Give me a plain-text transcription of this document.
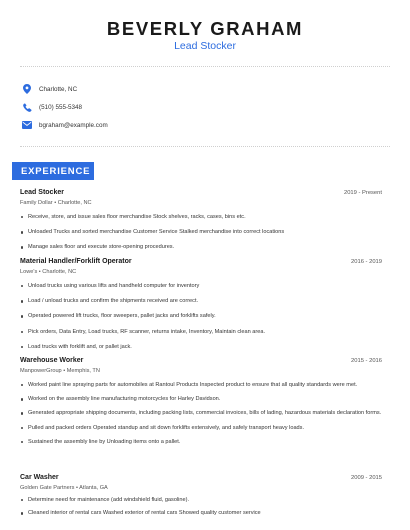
BEVERLY GRAHAM
Lead Stocker
Charlotte, NC
(510) 555-5348
bgraham@example.com
EXPERIENCE
Lead Stocker	2019 - Present
Family Dollar • Charlotte, NC
Receive, store, and issue sales floor merchandise Stock shelves, racks, cases, bins etc.
Unloaded Trucks and sorted merchandise Customer Service Stalked merchandise into correct locations
Manage sales floor and execute store-opening procedures.
Material Handler/Forklift Operator	2016 - 2019
Lowe's • Charlotte, NC
Unload trucks using various lifts and handheld computer for inventory
Load / unload trucks and confirm the shipments received are correct.
Operated powered lift trucks, floor sweepers, pallet jacks and forklifts safely.
Pick orders, Data Entry, Load trucks, RF scanner, returns intake, Inventory, Maintain clean area.
Load trucks with forklift and, or pallet jack.
Warehouse Worker	2015 - 2016
ManpowerGroup • Memphis, TN
Worked paint line spraying parts for automobiles at Rantoul Products Inspected product to ensure that all quality standards were met.
Worked on the assembly line manufacturing motorcycles for Harley Davidson.
Generated appropriate shipping documents, including packing lists, commercial invoices, bills of lading, hazardous materials declaration forms.
Pulled and packed orders Operated standup and sit down forklifts extensively, and safely transport heavy loads.
Sustained the assembly line by Unloading items onto a pallet.
Car Washer	2009 - 2015
Golden Gate Partners • Atlanta, GA
Determine need for maintenance (add windshield fluid, gasoline).
Cleaned interior of rental cars Washed exterior of rental cars Showed quality customer service
